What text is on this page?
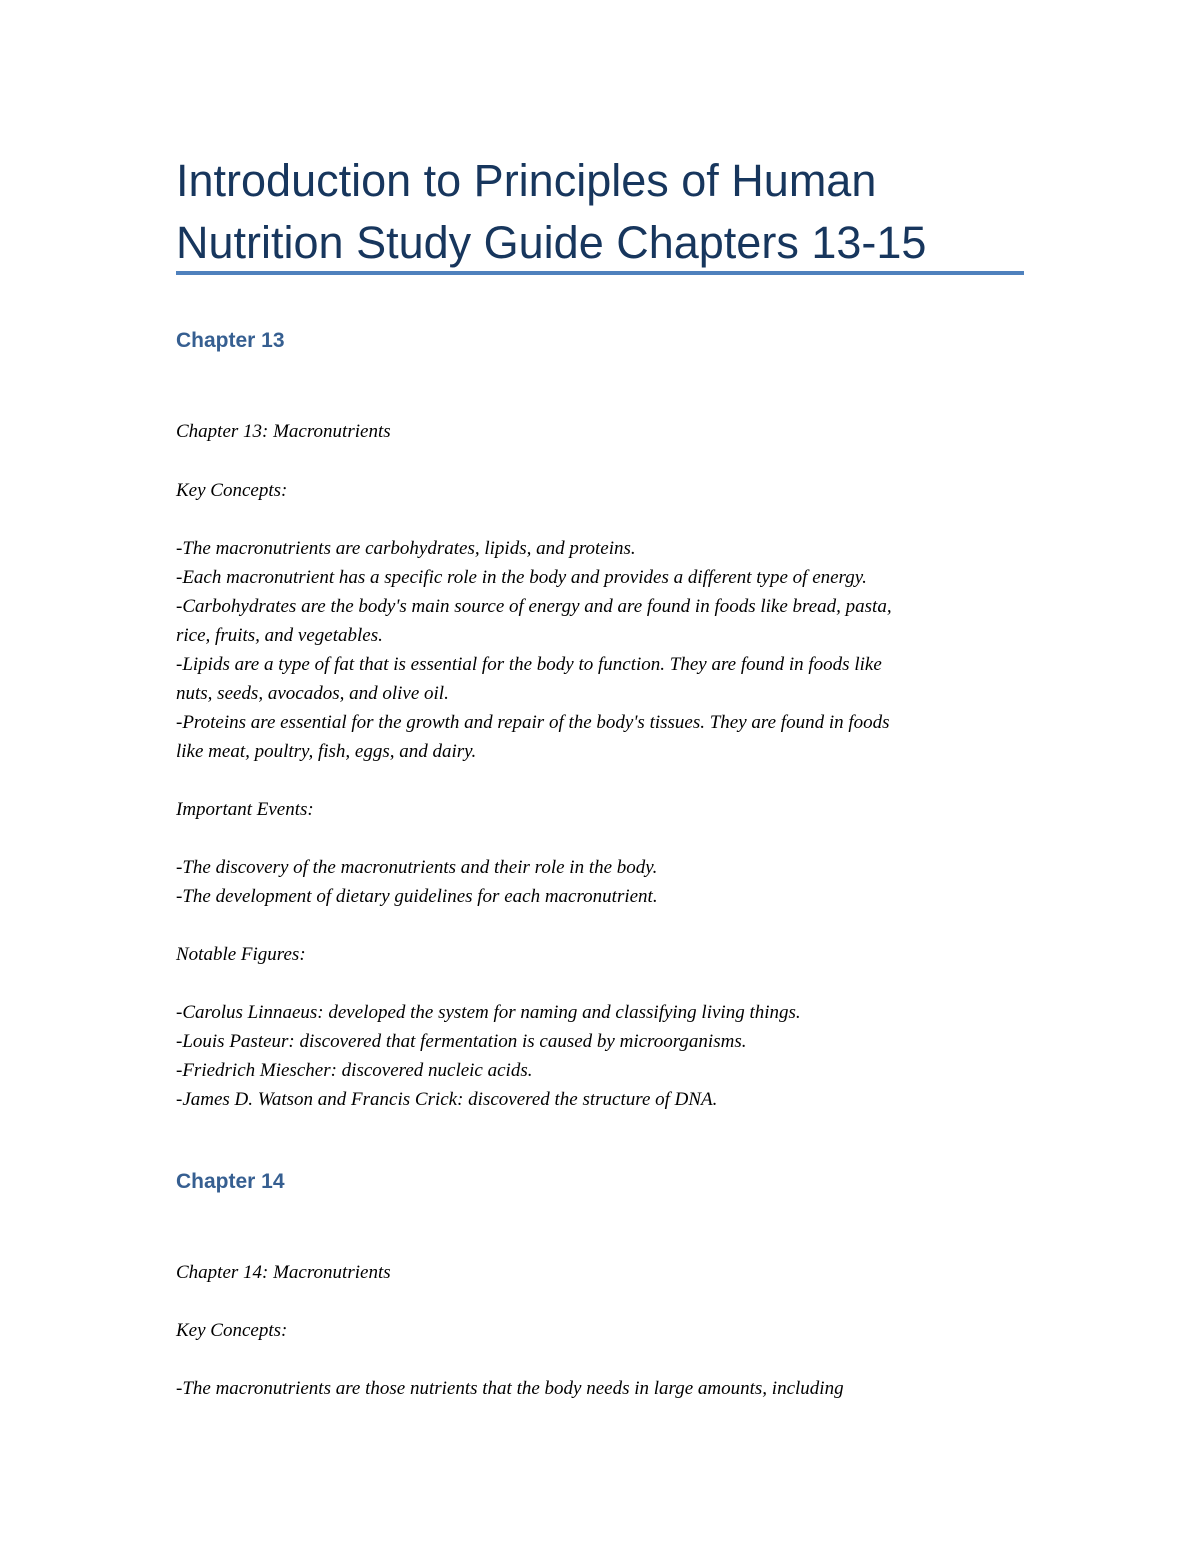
Introduction to Principles of Human
Nutrition Study Guide Chapters 13-15
Chapter 13

Chapter 13: Macronutrients

Key Concepts:

-The macronutrients are carbohydrates, lipids, and proteins.

-Each macronutrient has a specific role in the body and provides a different type of energy.

-Carbohydrates are the body's main source of energy and are found in foods like bread, pasta,

rice, fruits, and vegetables.

-Lipids are a type of fat that is essential for the body to function. They are found in foods like

nuts, seeds, avocados, and olive oil.

-Proteins are essential for the growth and repair of the body's tissues. They are found in foods

like meat, poultry, fish, eggs, and dairy.

Important Events:

-The discovery of the macronutrients and their role in the body.

-The development of dietary guidelines for each macronutrient.

Notable Figures:

-Carolus Linnaeus: developed the system for naming and classifying living things.

-Louis Pasteur: discovered that fermentation is caused by microorganisms.

-Friedrich Miescher: discovered nucleic acids.

-James D. Watson and Francis Crick: discovered the structure of DNA.

Chapter 14

Chapter 14: Macronutrients

Key Concepts:

-The macronutrients are those nutrients that the body needs in large amounts, including
